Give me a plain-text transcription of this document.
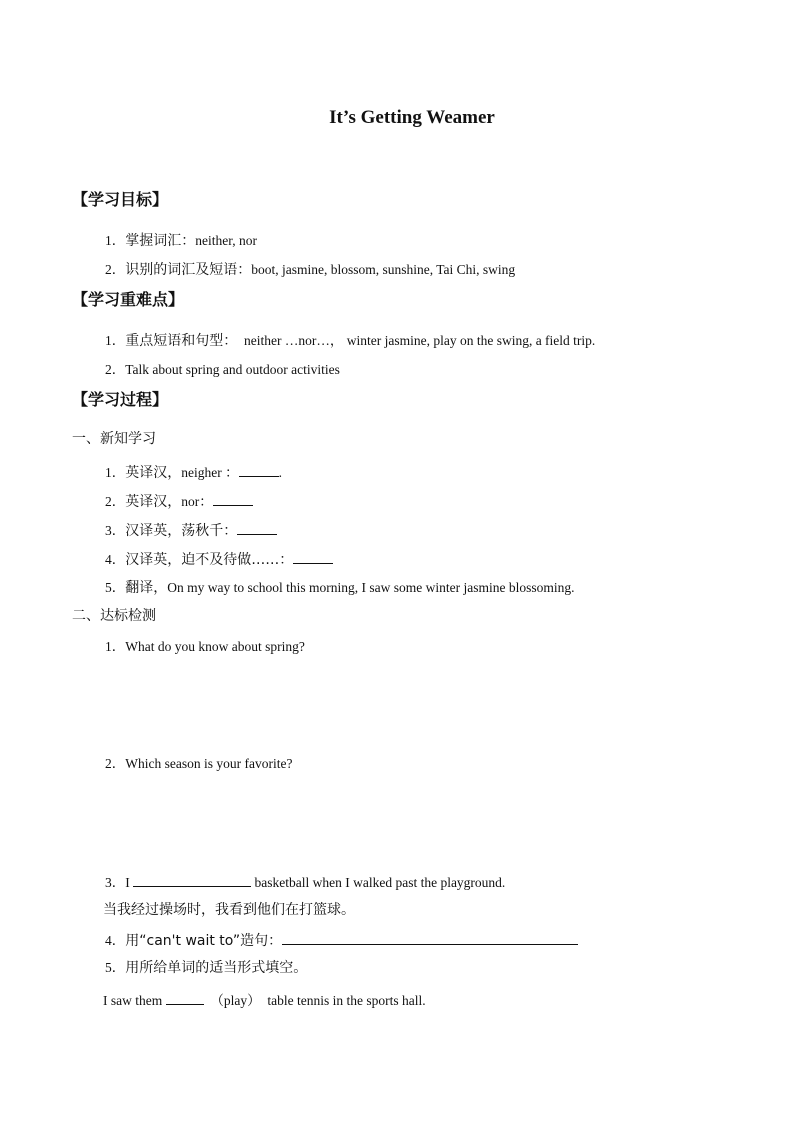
It’s Getting Weamer
【学习目标】
1．掌握词汇：neither, nor
2．识别的词汇及短语：boot, jasmine, blossom, sunshine, Tai Chi, swing
【学习重难点】
1．重点短语和句型： neither …nor…， winter jasmine, play on the swing, a field trip.
2．Talk about spring and outdoor activities
【学习过程】
一、新知学习
1．英译汉，neigher ：	.
2．英译汉，nor：
3．汉译英，荡秋千：
4．汉译英，迫不及待做……：
5．翻译，On my way to school this morning, I saw some winter jasmine blossoming.
二、达标检测
1．What do you know about spring?
2．Which season is your favorite?
3．I	basketball when I walked past the playground.
当我经过操场时，我看到他们在打篮球。
4．用“can't wait to”造句：
5．用所给单词的适当形式填空。
I saw them	（play） table tennis in the sports hall.
